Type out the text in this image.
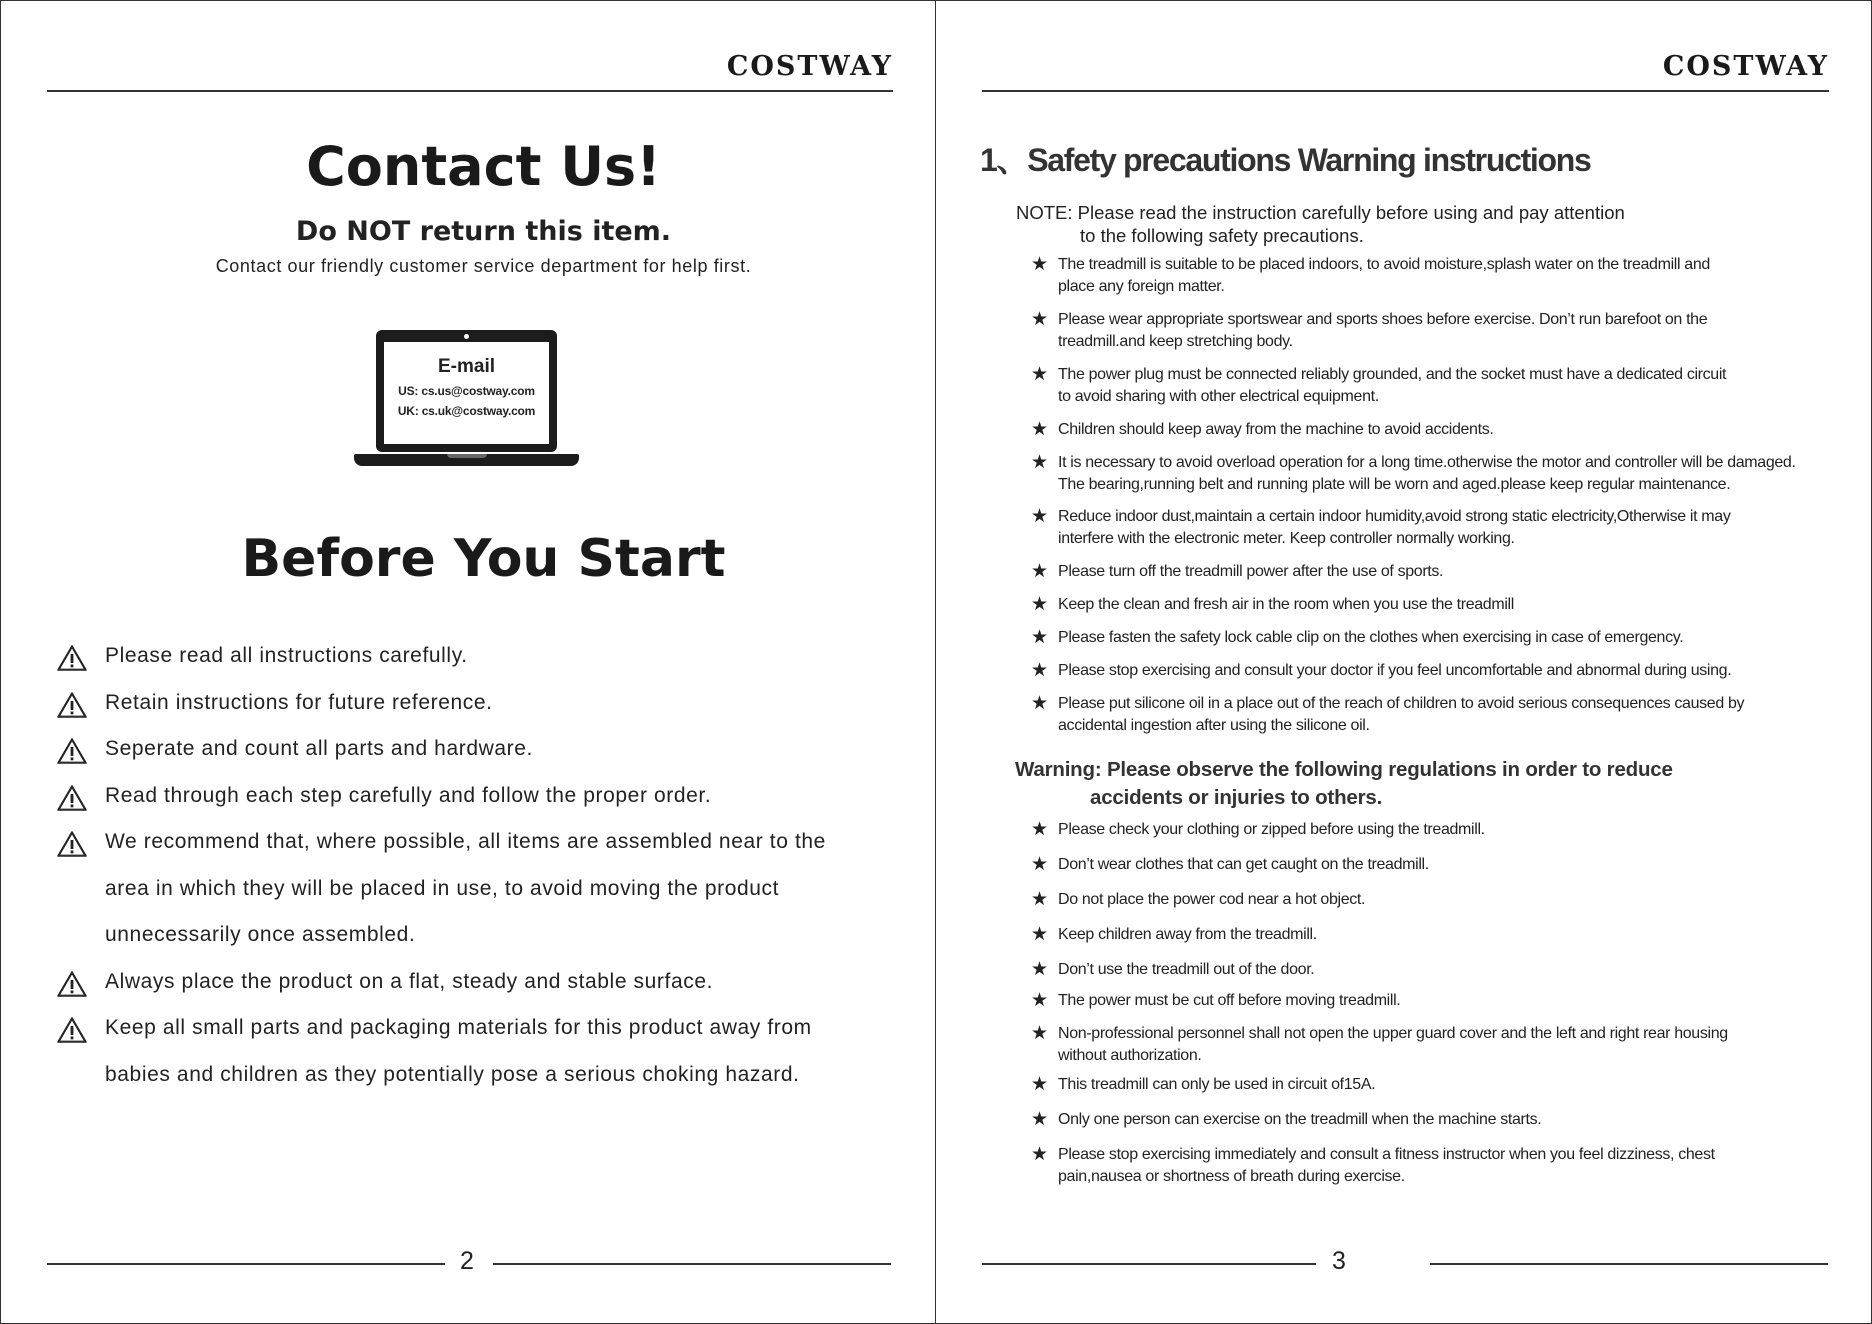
COSTWAY
Contact Us!
Do NOT return this item.
Contact our friendly customer service department for help first.
E-mail
US: cs.us@costway.com
UK: cs.uk@costway.com
Before You Start
Please read all instructions carefully.
Retain instructions for future reference.
Seperate and count all parts and hardware.
Read through each step carefully and follow the proper order.
We recommend that, where possible, all items are assembled near to the
area in which they will be placed in use, to avoid moving the product
unnecessarily once assembled.
Always place the product on a flat, steady and stable surface.
Keep all small parts and packaging materials for this product away from
babies and children as they potentially pose a serious choking hazard.
2
COSTWAY
1、Safety precautions Warning instructions
NOTE: Please read the instruction carefully before using and pay attention
to the following safety precautions.
★ The treadmill is suitable to be placed indoors, to avoid moisture,splash water on the treadmill and
place any foreign matter.
★ Please wear appropriate sportswear and sports shoes before exercise. Don’t run barefoot on the
treadmill.and keep stretching body.
★ The power plug must be connected reliably grounded, and the socket must have a dedicated circuit
to avoid sharing with other electrical equipment.
★ Children should keep away from the machine to avoid accidents.
★ It is necessary to avoid overload operation for a long time.otherwise the motor and controller will be damaged.
The bearing,running belt and running plate will be worn and aged.please keep regular maintenance.
★ Reduce indoor dust,maintain a certain indoor humidity,avoid strong static electricity,Otherwise it may
interfere with the electronic meter. Keep controller normally working.
★ Please turn off the treadmill power after the use of sports.
★ Keep the clean and fresh air in the room when you use the treadmill
★ Please fasten the safety lock cable clip on the clothes when exercising in case of emergency.
★ Please stop exercising and consult your doctor if you feel uncomfortable and abnormal during using.
★ Please put silicone oil in a place out of the reach of children to avoid serious consequences caused by
accidental ingestion after using the silicone oil.
Warning: Please observe the following regulations in order to reduce
accidents or injuries to others.
★ Please check your clothing or zipped before using the treadmill.
★ Don’t wear clothes that can get caught on the treadmill.
★ Do not place the power cod near a hot object.
★ Keep children away from the treadmill.
★ Don’t use the treadmill out of the door.
★ The power must be cut off before moving treadmill.
★ Non-professional personnel shall not open the upper guard cover and the left and right rear housing
without authorization.
★ This treadmill can only be used in circuit of15A.
★ Only one person can exercise on the treadmill when the machine starts.
★ Please stop exercising immediately and consult a fitness instructor when you feel dizziness, chest
pain,nausea or shortness of breath during exercise.
3
